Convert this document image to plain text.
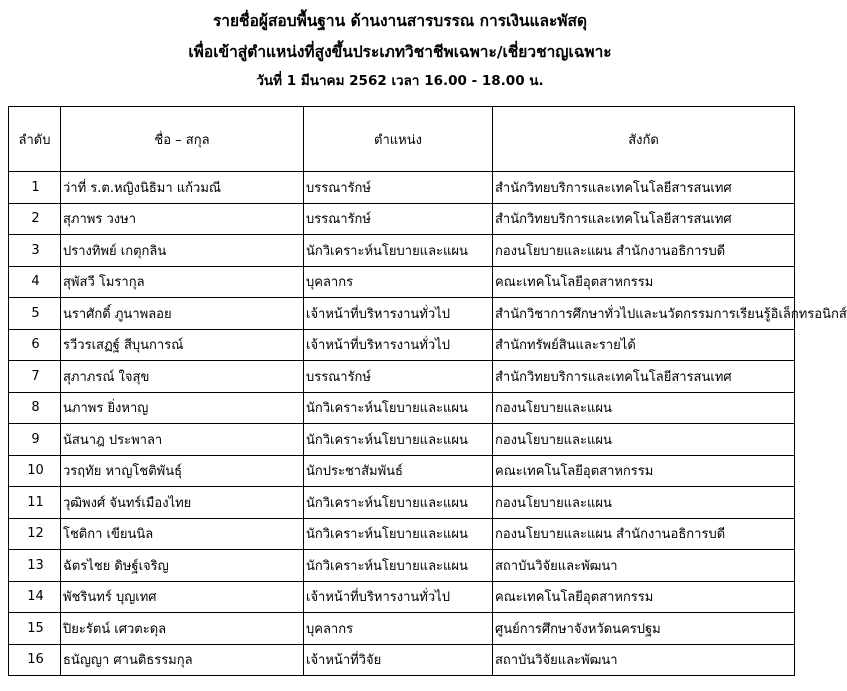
รายชื่อผู้สอบพื้นฐาน ด้านงานสารบรรณ การเงินและพัสดุ
เพื่อเข้าสู่ตำแหน่งที่สูงขึ้นประเภทวิชาชีพเฉพาะ/เชี่ยวชาญเฉพาะ
วันที่ 1 มีนาคม 2562 เวลา 16.00 - 18.00 น.
ลำดับ	ชื่อ – สกุล	ตำแหน่ง	สังกัด
1	ว่าที่ ร.ต.หญิงนิธิมา แก้วมณี	บรรณารักษ์	สำนักวิทยบริการและเทคโนโลยีสารสนเทศ
2	สุภาพร วงษา	บรรณารักษ์	สำนักวิทยบริการและเทคโนโลยีสารสนเทศ
3	ปรางทิพย์ เกตุกลิน	นักวิเคราะห์นโยบายและแผน	กองนโยบายและแผน สำนักงานอธิการบดี
4	สุพัสวี โมรากุล	บุคลากร	คณะเทคโนโลยีอุตสาหกรรม
5	นราศักดิ์ ภูนาพลอย	เจ้าหน้าที่บริหารงานทั่วไป	สำนักวิชาการศึกษาทั่วไปและนวัตกรรมการเรียนรู้อิเล็กทรอนิกส์
6	รวีวรเสฏฐ์ สีบุนการณ์	เจ้าหน้าที่บริหารงานทั่วไป	สำนักทรัพย์สินและรายได้
7	สุภาภรณ์ ใจสุข	บรรณารักษ์	สำนักวิทยบริการและเทคโนโลยีสารสนเทศ
8	นภาพร ยิ่งหาญ	นักวิเคราะห์นโยบายและแผน	กองนโยบายและแผน
9	นัสนาฎ ประพาลา	นักวิเคราะห์นโยบายและแผน	กองนโยบายและแผน
10	วรฤทัย หาญโชติพันธุ์	นักประชาสัมพันธ์	คณะเทคโนโลยีอุตสาหกรรม
11	วุฒิพงศ์ จันทร์เมืองไทย	นักวิเคราะห์นโยบายและแผน	กองนโยบายและแผน
12	โชติกา เขียนนิล	นักวิเคราะห์นโยบายและแผน	กองนโยบายและแผน สำนักงานอธิการบดี
13	ฉัตรไชย ดิษฐ์เจริญ	นักวิเคราะห์นโยบายและแผน	สถาบันวิจัยและพัฒนา
14	พัชรินทร์ บุญเทศ	เจ้าหน้าที่บริหารงานทั่วไป	คณะเทคโนโลยีอุตสาหกรรม
15	ปิยะรัตน์ เศวตะดุล	บุคลากร	ศูนย์การศึกษาจังหวัดนครปฐม
16	ธนัญญา ศานติธรรมกุล	เจ้าหน้าที่วิจัย	สถาบันวิจัยและพัฒนา
